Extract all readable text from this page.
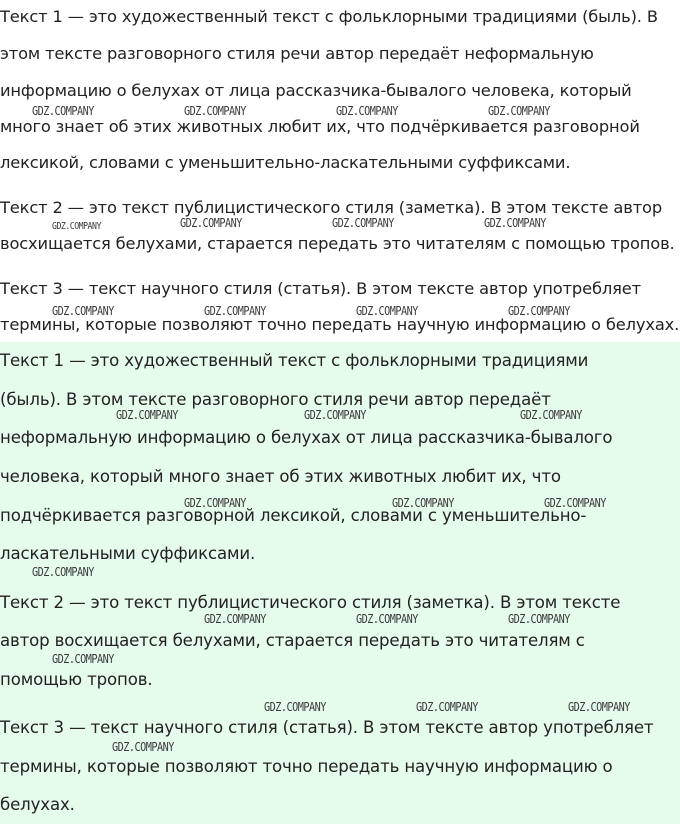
Текст 1 — это художественный текст с фольклорными традициями (быль). В
этом тексте разговорного стиля речи автор передаёт неформальную
информацию о белухах от лица рассказчика-бывалого человека, который
много знает об этих животных любит их, что подчёркивается разговорной
лексикой, словами с уменьшительно-ласкательными суффиксами.
Текст 2 — это текст публицистического стиля (заметка). В этом тексте автор
восхищается белухами, старается передать это читателям с помощью тропов.
Текст 3 — текст научного стиля (статья). В этом тексте автор употребляет
термины, которые позволяют точно передать научную информацию о белухах.
Текст 1 — это художественный текст с фольклорными традициями
(быль). В этом тексте разговорного стиля речи автор передаёт
неформальную информацию о белухах от лица рассказчика-бывалого
человека, который много знает об этих животных любит их, что
подчёркивается разговорной лексикой, словами с уменьшительно-
ласкательными суффиксами.
Текст 2 — это текст публицистического стиля (заметка). В этом тексте
автор восхищается белухами, старается передать это читателям с
помощью тропов.
Текст 3 — текст научного стиля (статья). В этом тексте автор употребляет
термины, которые позволяют точно передать научную информацию о
белухах.
GDZ.COMPANY	GDZ.COMPANY	GDZ.COMPANY	GDZ.COMPANY
GDZ.COMPANY	GDZ.COMPANY	GDZ.COMPANY	GDZ.COMPANY
GDZ.COMPANY	GDZ.COMPANY	GDZ.COMPANY	GDZ.COMPANY
GDZ.COMPANY	GDZ.COMPANY	GDZ.COMPANY
GDZ.COMPANY	GDZ.COMPANY	GDZ.COMPANY
GDZ.COMPANY
GDZ.COMPANY	GDZ.COMPANY	GDZ.COMPANY
GDZ.COMPANY
GDZ.COMPANY	GDZ.COMPANY	GDZ.COMPANY
GDZ.COMPANY
